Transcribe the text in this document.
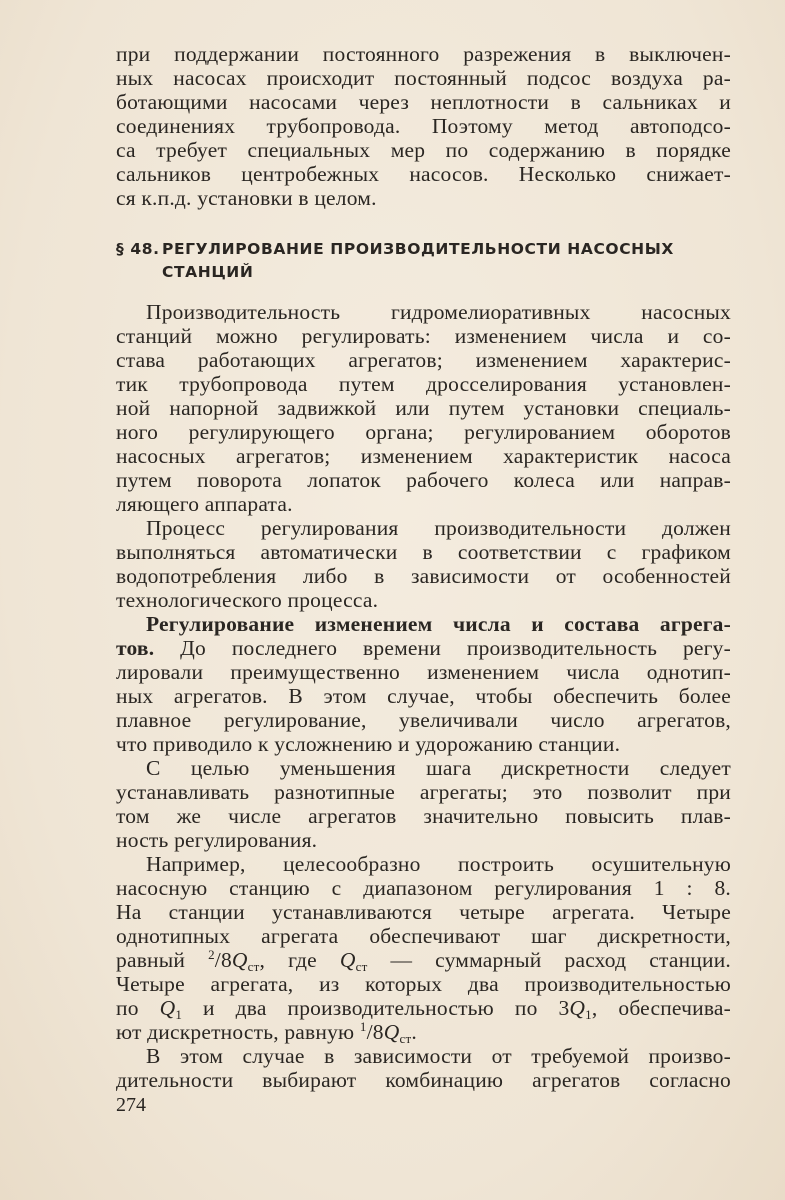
при поддержании постоянного разрежения в выключен-
ных насосах происходит постоянный подсос воздуха ра-
ботающими насосами через неплотности в сальниках и
соединениях трубопровода. Поэтому метод автоподсо-
са требует специальных мер по содержанию в порядке
сальников центробежных насосов. Несколько снижает-
ся к.п.д. установки в целом.
§ 48. РЕГУЛИРОВАНИЕ ПРОИЗВОДИТЕЛЬНОСТИ НАСОСНЫХ
СТАНЦИЙ
Производительность гидромелиоративных насосных
станций можно регулировать: изменением числа и со-
става работающих агрегатов; изменением характерис-
тик трубопровода путем дросселирования установлен-
ной напорной задвижкой или путем установки специаль-
ного регулирующего органа; регулированием оборотов
насосных агрегатов; изменением характеристик насоса
путем поворота лопаток рабочего колеса или направ-
ляющего аппарата.
Процесс регулирования производительности должен
выполняться автоматически в соответствии с графиком
водопотребления либо в зависимости от особенностей
технологического процесса.
Регулирование изменением числа и состава агрега-
тов. До последнего времени производительность регу-
лировали преимущественно изменением числа однотип-
ных агрегатов. В этом случае, чтобы обеспечить более
плавное регулирование, увеличивали число агрегатов,
что приводило к усложнению и удорожанию станции.
С целью уменьшения шага дискретности следует
устанавливать разнотипные агрегаты; это позволит при
том же числе агрегатов значительно повысить плав-
ность регулирования.
Например, целесообразно построить осушительную
насосную станцию с диапазоном регулирования 1 : 8.
На станции устанавливаются четыре агрегата. Четыре
однотипных агрегата обеспечивают шаг дискретности,
равный $^2/8Q_{ст}$, где $Q_{ст}$ — суммарный расход станции.
Четыре агрегата, из которых два производительностью
по $Q_1$ и два производительностью по $3Q_1$, обеспечива-
ют дискретность, равную $^1/8Q_{ст}$.
В этом случае в зависимости от требуемой произво-
дительности выбирают комбинацию агрегатов согласно
274
